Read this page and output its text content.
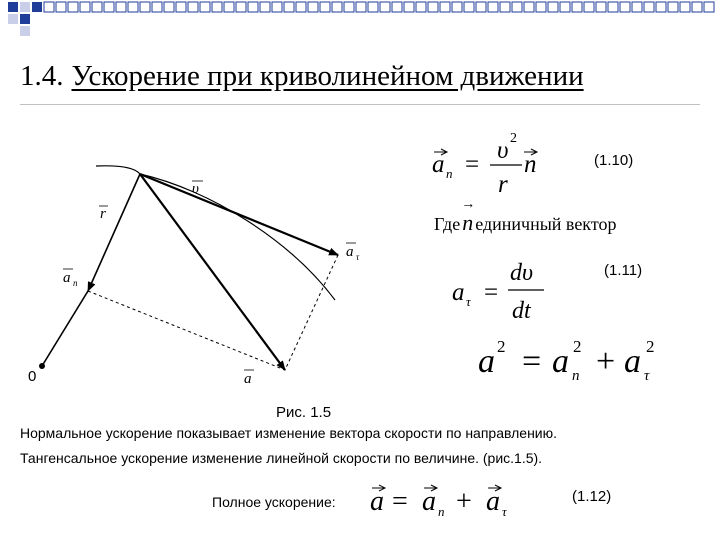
1.4. Ускорение при криволинейном движении
υ
r
a τ
a n
a
a n =
υ 2
r
n
a τ =
dυ
dt
a 2 = a n
2 + a τ
2
a = a n + a τ
(1.10)
(1.11)
(1.12)
Где→ n единичный вектор
0
Рис. 1.5
Нормальное ускорение показывает изменение вектора скорости по направлению.
Тангенсальное ускорение изменение линейной скорости по величине. (рис.1.5).
Полное ускорение:
